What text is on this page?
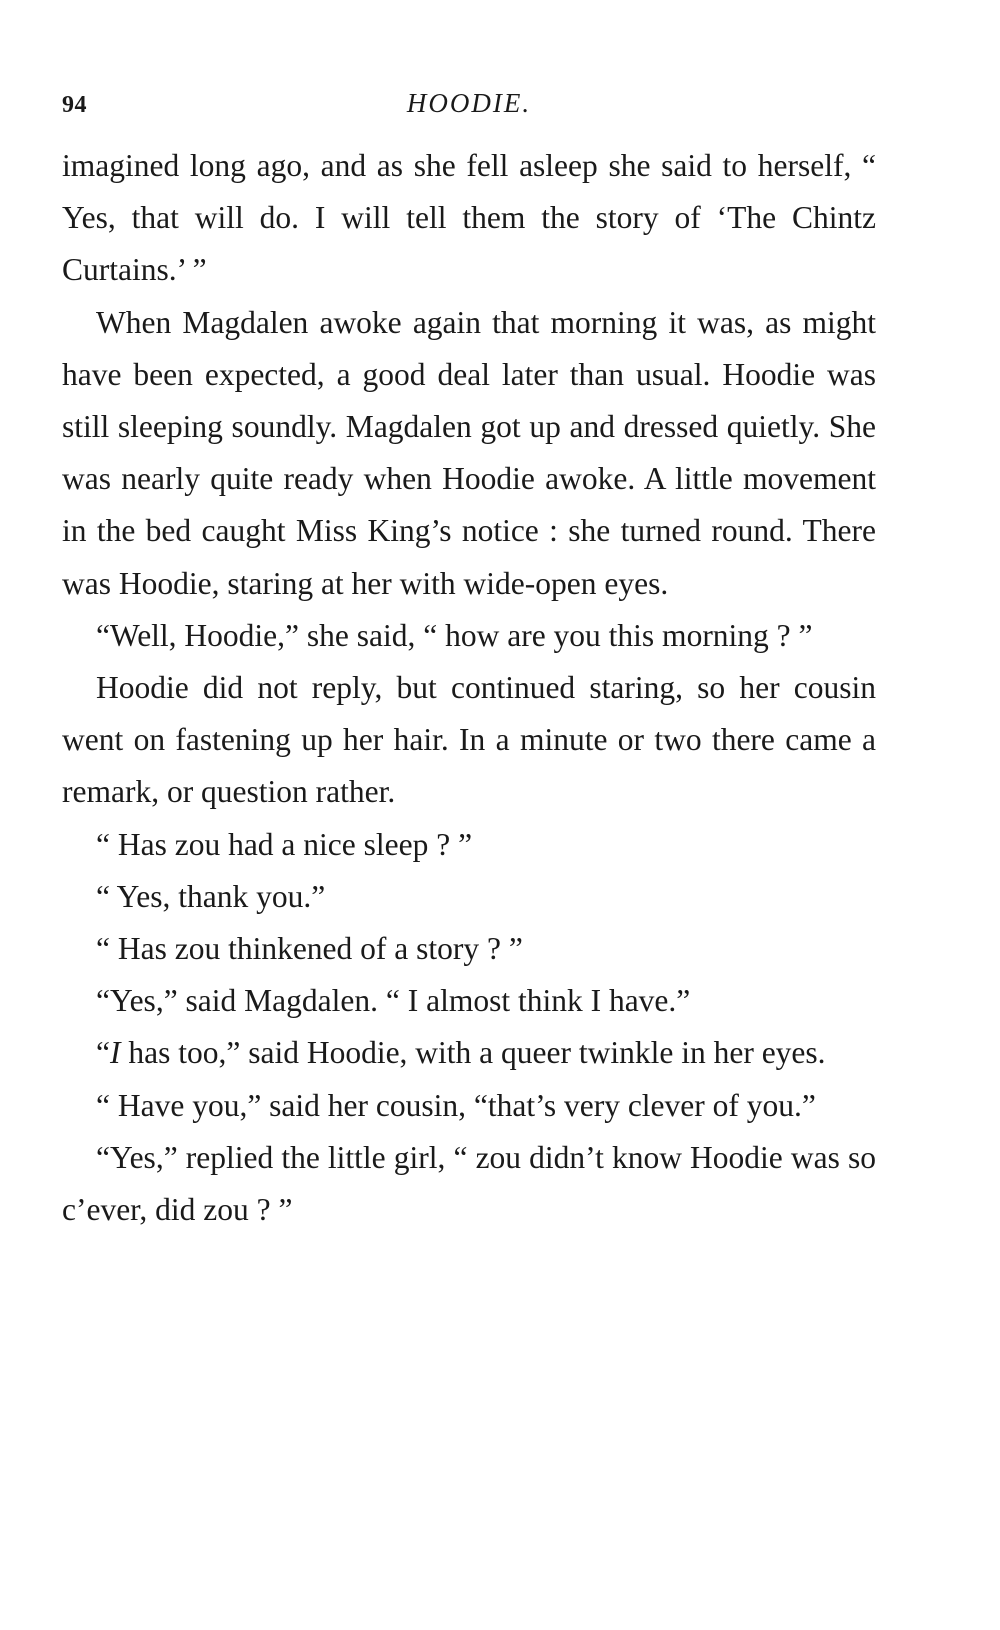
94	HOODIE.

imagined long ago, and as she fell asleep she said to herself, “ Yes, that will do. I will tell them the story of ‘The Chintz Curtains.’ ”

When Magdalen awoke again that morning it was, as might have been expected, a good deal later than usual. Hoodie was still sleeping soundly. Magdalen got up and dressed quietly. She was nearly quite ready when Hoodie awoke. A little movement in the bed caught Miss King’s notice : she turned round. There was Hoodie, staring at her with wide-open eyes.

“Well, Hoodie,” she said, “ how are you this morning ? ”

Hoodie did not reply, but continued staring, so her cousin went on fastening up her hair. In a minute or two there came a remark, or question rather.

“ Has zou had a nice sleep ? ”

“ Yes, thank you.”

“ Has zou thinkened of a story ? ”

“Yes,” said Magdalen. “ I almost think I have.”

“I has too,” said Hoodie, with a queer twinkle in her eyes.

“ Have you,” said her cousin, “that’s very clever of you.”

“Yes,” replied the little girl, “ zou didn’t know Hoodie was so c’ever, did zou ? ”
